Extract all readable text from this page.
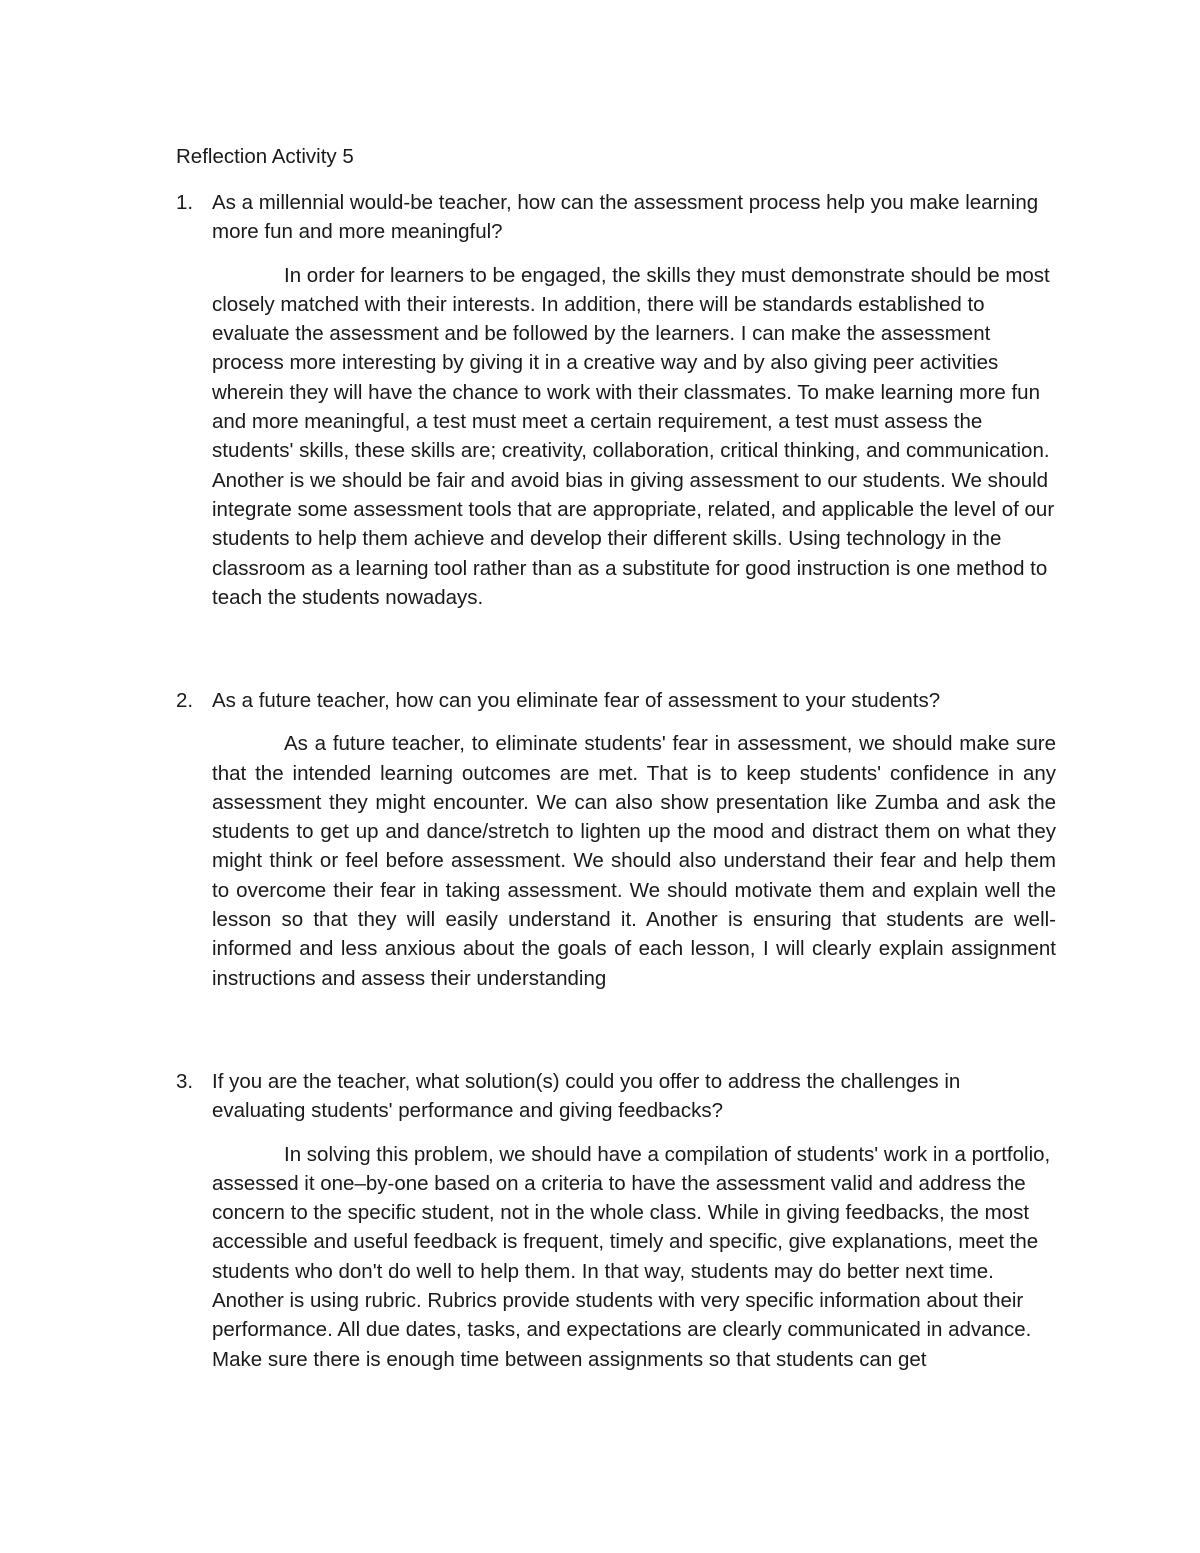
Reflection Activity 5
1. As a millennial would-be teacher, how can the assessment process help you make learning more fun and more meaningful?

In order for learners to be engaged, the skills they must demonstrate should be most closely matched with their interests. In addition, there will be standards established to evaluate the assessment and be followed by the learners. I can make the assessment process more interesting by giving it in a creative way and by also giving peer activities wherein they will have the chance to work with their classmates. To make learning more fun and more meaningful, a test must meet a certain requirement, a test must assess the students' skills, these skills are; creativity, collaboration, critical thinking, and communication. Another is we should be fair and avoid bias in giving assessment to our students. We should integrate some assessment tools that are appropriate, related, and applicable the level of our students to help them achieve and develop their different skills. Using technology in the classroom as a learning tool rather than as a substitute for good instruction is one method to teach the students nowadays.

2. As a future teacher, how can you eliminate fear of assessment to your students?

As a future teacher, to eliminate students' fear in assessment, we should make sure that the intended learning outcomes are met. That is to keep students' confidence in any assessment they might encounter. We can also show presentation like Zumba and ask the students to get up and dance/stretch to lighten up the mood and distract them on what they might think or feel before assessment. We should also understand their fear and help them to overcome their fear in taking assessment. We should motivate them and explain well the lesson so that they will easily understand it. Another is ensuring that students are well-informed and less anxious about the goals of each lesson, I will clearly explain assignment instructions and assess their understanding

3. If you are the teacher, what solution(s) could you offer to address the challenges in evaluating students' performance and giving feedbacks?

In solving this problem, we should have a compilation of students' work in a portfolio, assessed it one–by-one based on a criteria to have the assessment valid and address the concern to the specific student, not in the whole class. While in giving feedbacks, the most accessible and useful feedback is frequent, timely and specific, give explanations, meet the students who don't do well to help them. In that way, students may do better next time. Another is using rubric. Rubrics provide students with very specific information about their performance. All due dates, tasks, and expectations are clearly communicated in advance. Make sure there is enough time between assignments so that students can get
